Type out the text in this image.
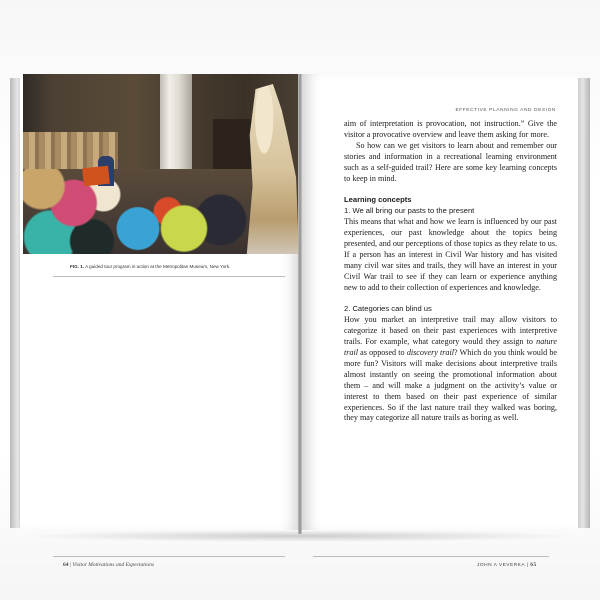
FIG. 1. A guided tour program in action at the Metropolitan Museum, New York.
64 | Visitor Motivations and Expectations
EFFECTIVE PLANNING AND DESIGN

aim of interpretation is provocation, not instruction.” Give the visitor a provocative overview and leave them asking for more.

So how can we get visitors to learn about and remember our stories and information in a recreational learning environment such as a self-guided trail? Here are some key learning concepts to keep in mind.

Learning concepts

1. We all bring our pasts to the present

This means that what and how we learn is influenced by our past experiences, our past knowledge about the topics being presented, and our perceptions of those topics as they relate to us. If a person has an interest in Civil War history and has visited many civil war sites and trails, they will have an interest in your Civil War trail to see if they can learn or experience anything new to add to their collection of experiences and knowledge.

2. Categories can blind us

How you market an interpretive trail may allow visitors to categorize it based on their past experiences with interpretive trails. For example, what category would they assign to nature trail as opposed to discovery trail? Which do you think would be more fun? Visitors will make decisions about interpretive trails almost instantly on seeing the promotional information about them – and will make a judgment on the activity’s value or interest to them based on their past experience of similar experiences. So if the last nature trail they walked was boring, they may categorize all nature trails as boring as well.

JOHN A VEVERKA | 65
